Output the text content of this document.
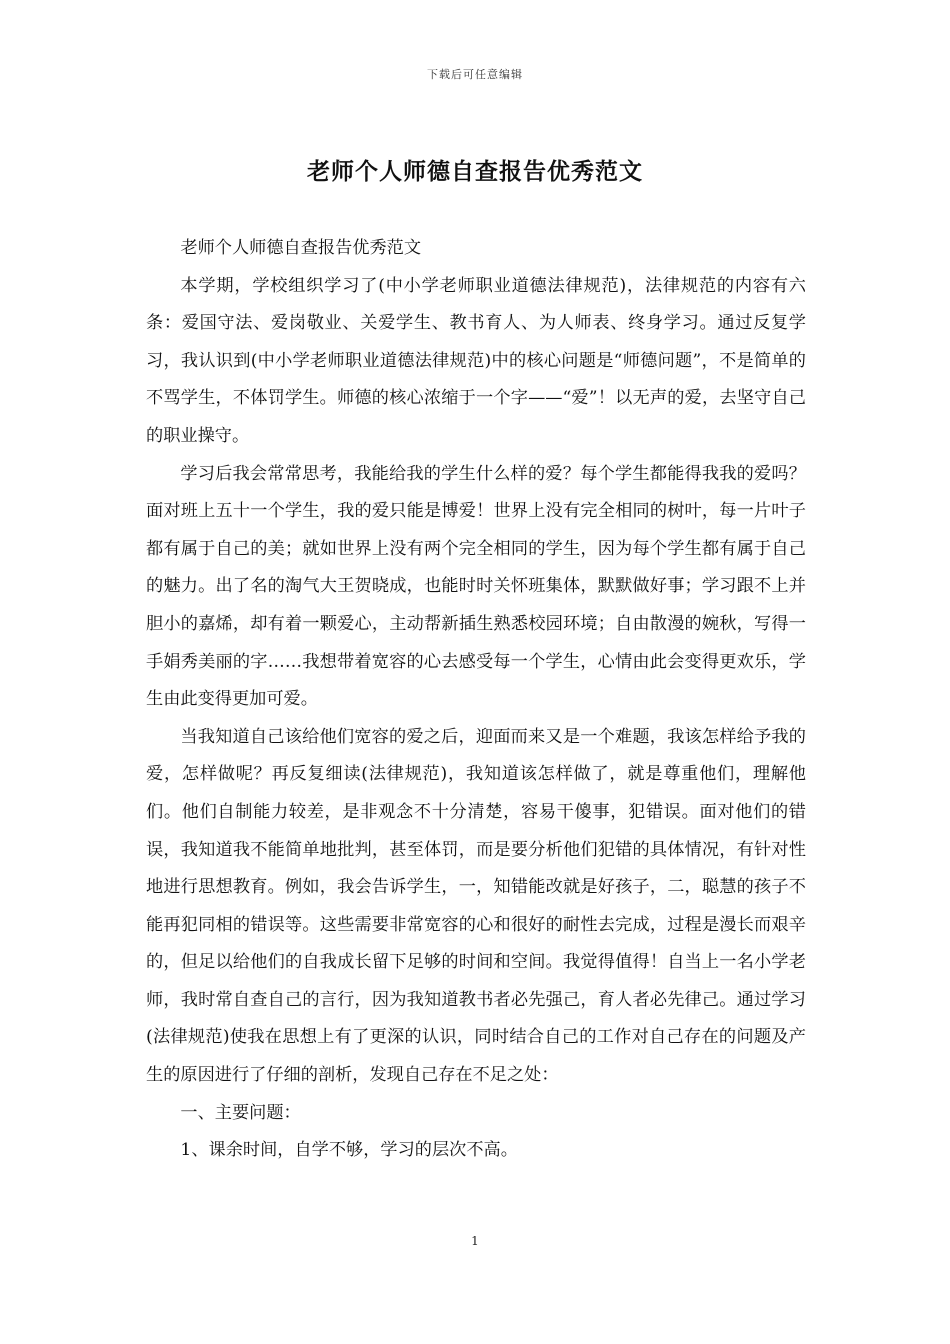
下载后可任意编辑
老师个人师德自查报告优秀范文

老师个人师德自查报告优秀范文

本学期，学校组织学习了(中小学老师职业道德法律规范)，法律规范的内容有六条：爱国守法、爱岗敬业、关爱学生、教书育人、为人师表、终身学习。通过反复学习，我认识到(中小学老师职业道德法律规范)中的核心问题是“师德问题”，不是简单的不骂学生，不体罚学生。师德的核心浓缩于一个字——“爱”！以无声的爱，去坚守自己的职业操守。

学习后我会常常思考，我能给我的学生什么样的爱？每个学生都能得我我的爱吗？面对班上五十一个学生，我的爱只能是博爱！世界上没有完全相同的树叶，每一片叶子都有属于自己的美；就如世界上没有两个完全相同的学生，因为每个学生都有属于自己的魅力。出了名的淘气大王贺晓成，也能时时关怀班集体，默默做好事；学习跟不上并胆小的嘉烯，却有着一颗爱心，主动帮新插生熟悉校园环境；自由散漫的婉秋，写得一手娟秀美丽的字……我想带着宽容的心去感受每一个学生，心情由此会变得更欢乐，学生由此变得更加可爱。

当我知道自己该给他们宽容的爱之后，迎面而来又是一个难题，我该怎样给予我的爱，怎样做呢？再反复细读(法律规范)，我知道该怎样做了，就是尊重他们，理解他们。他们自制能力较差，是非观念不十分清楚，容易干傻事，犯错误。面对他们的错误，我知道我不能简单地批判，甚至体罚，而是要分析他们犯错的具体情况，有针对性地进行思想教育。例如，我会告诉学生，一，知错能改就是好孩子，二，聪慧的孩子不能再犯同相的错误等。这些需要非常宽容的心和很好的耐性去完成，过程是漫长而艰辛的，但足以给他们的自我成长留下足够的时间和空间。我觉得值得！自当上一名小学老师，我时常自查自己的言行，因为我知道教书者必先强己，育人者必先律己。通过学习(法律规范)使我在思想上有了更深的认识，同时结合自己的工作对自己存在的问题及产生的原因进行了仔细的剖析，发现自己存在不足之处：

一、主要问题：

1、课余时间，自学不够，学习的层次不高。

1
